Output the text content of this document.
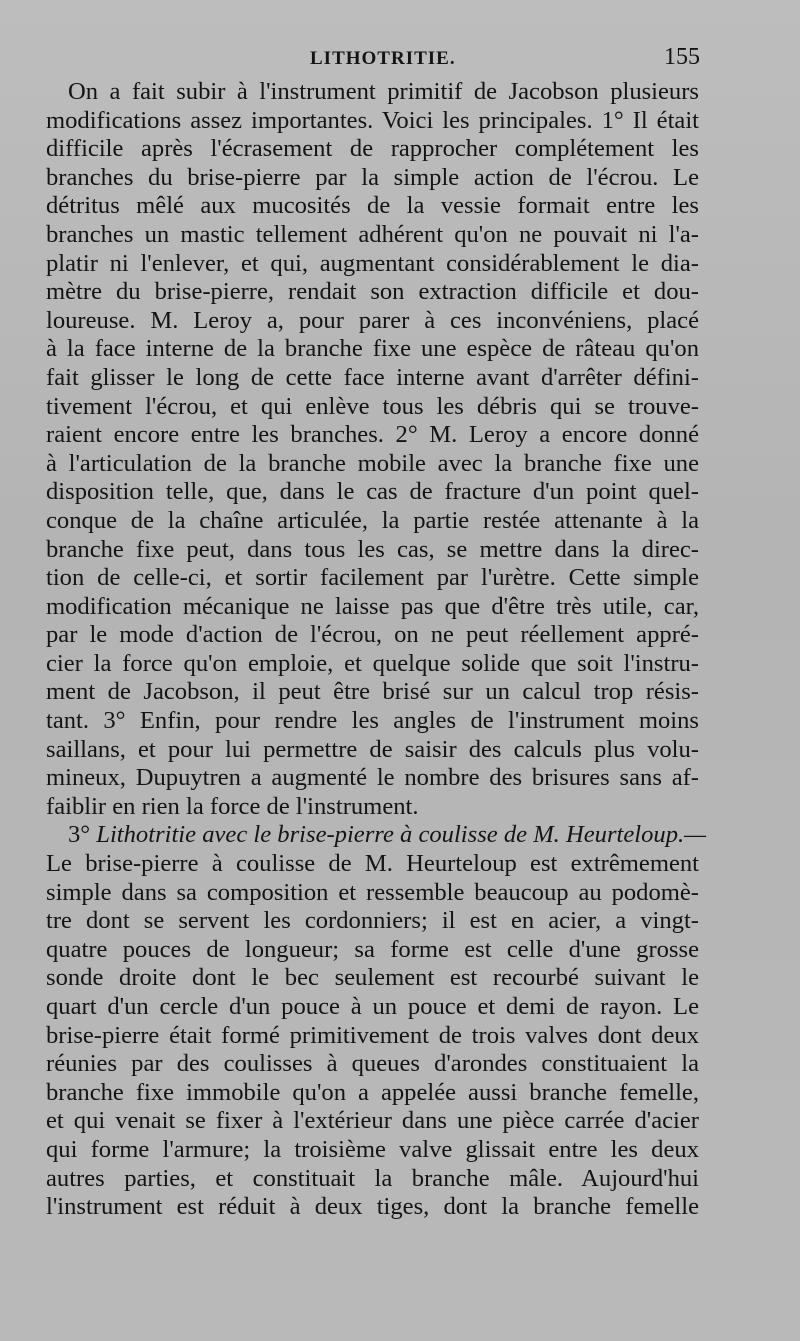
LITHOTRITIE.	155
On a fait subir à l'instrument primitif de Jacobson plusieurs
modifications assez importantes. Voici les principales. 1° Il était
difficile après l'écrasement de rapprocher complétement les
branches du brise-pierre par la simple action de l'écrou. Le
détritus mêlé aux mucosités de la vessie formait entre les
branches un mastic tellement adhérent qu'on ne pouvait ni l'a-
platir ni l'enlever, et qui, augmentant considérablement le dia-
mètre du brise-pierre, rendait son extraction difficile et dou-
loureuse. M. Leroy a, pour parer à ces inconvéniens, placé
à la face interne de la branche fixe une espèce de râteau qu'on
fait glisser le long de cette face interne avant d'arrêter défini-
tivement l'écrou, et qui enlève tous les débris qui se trouve-
raient encore entre les branches. 2° M. Leroy a encore donné
à l'articulation de la branche mobile avec la branche fixe une
disposition telle, que, dans le cas de fracture d'un point quel-
conque de la chaîne articulée, la partie restée attenante à la
branche fixe peut, dans tous les cas, se mettre dans la direc-
tion de celle-ci, et sortir facilement par l'urètre. Cette simple
modification mécanique ne laisse pas que d'être très utile, car,
par le mode d'action de l'écrou, on ne peut réellement appré-
cier la force qu'on emploie, et quelque solide que soit l'instru-
ment de Jacobson, il peut être brisé sur un calcul trop résis-
tant. 3° Enfin, pour rendre les angles de l'instrument moins
saillans, et pour lui permettre de saisir des calculs plus volu-
mineux, Dupuytren a augmenté le nombre des brisures sans af-
faiblir en rien la force de l'instrument.
3° Lithotritie avec le brise-pierre à coulisse de M. Heurteloup.—
Le brise-pierre à coulisse de M. Heurteloup est extrêmement
simple dans sa composition et ressemble beaucoup au podomè-
tre dont se servent les cordonniers; il est en acier, a vingt-
quatre pouces de longueur; sa forme est celle d'une grosse
sonde droite dont le bec seulement est recourbé suivant le
quart d'un cercle d'un pouce à un pouce et demi de rayon. Le
brise-pierre était formé primitivement de trois valves dont deux
réunies par des coulisses à queues d'arondes constituaient la
branche fixe immobile qu'on a appelée aussi branche femelle,
et qui venait se fixer à l'extérieur dans une pièce carrée d'acier
qui forme l'armure; la troisième valve glissait entre les deux
autres parties, et constituait la branche mâle. Aujourd'hui
l'instrument est réduit à deux tiges, dont la branche femelle
